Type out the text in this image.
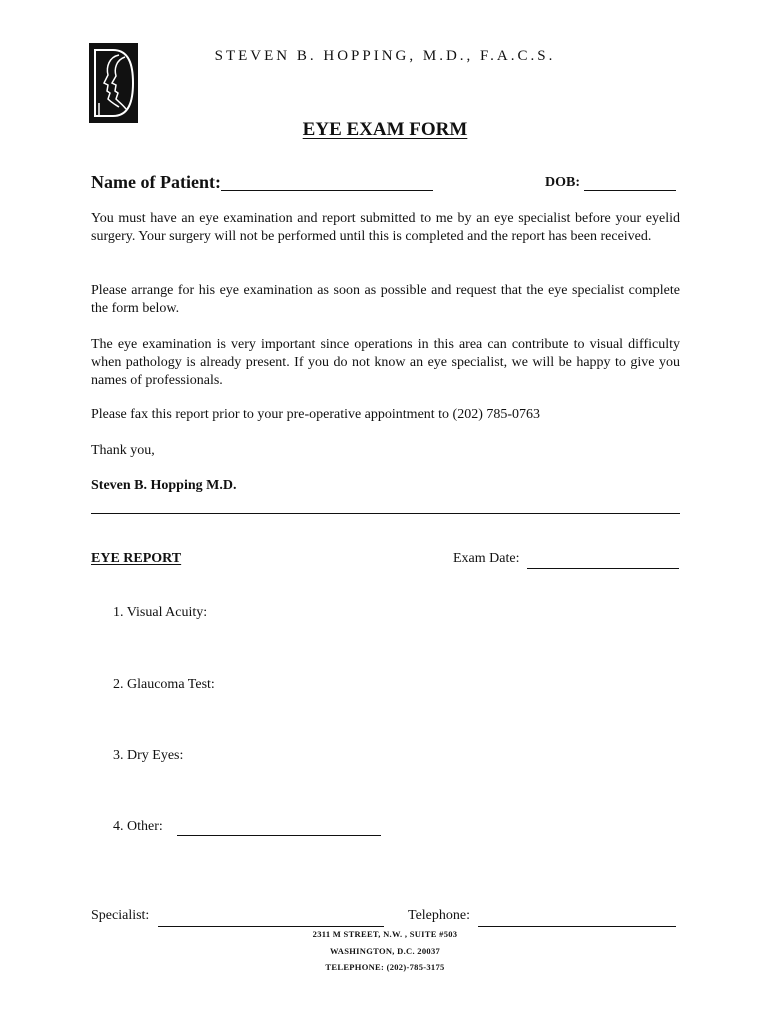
STEVEN B. HOPPING, M.D., F.A.C.S.
EYE EXAM FORM
Name of Patient:	DOB:
You must have an eye examination and report submitted to me by an eye specialist before your eyelid surgery. Your surgery will not be performed until this is completed and the report has been received.
Please arrange for his eye examination as soon as possible and request that the eye specialist complete the form below.
The eye examination is very important since operations in this area can contribute to visual difficulty when pathology is already present. If you do not know an eye specialist, we will be happy to give you names of professionals.
Please fax this report prior to your pre-operative appointment to (202) 785-0763
Thank you,
Steven B. Hopping M.D.
EYE REPORT	Exam Date:
1. Visual Acuity:
2. Glaucoma Test:
3. Dry Eyes:
4. Other:
Specialist:	Telephone:
2311 M STREET, N.W. , SUITE #503
WASHINGTON, D.C. 20037
TELEPHONE: (202)-785-3175
